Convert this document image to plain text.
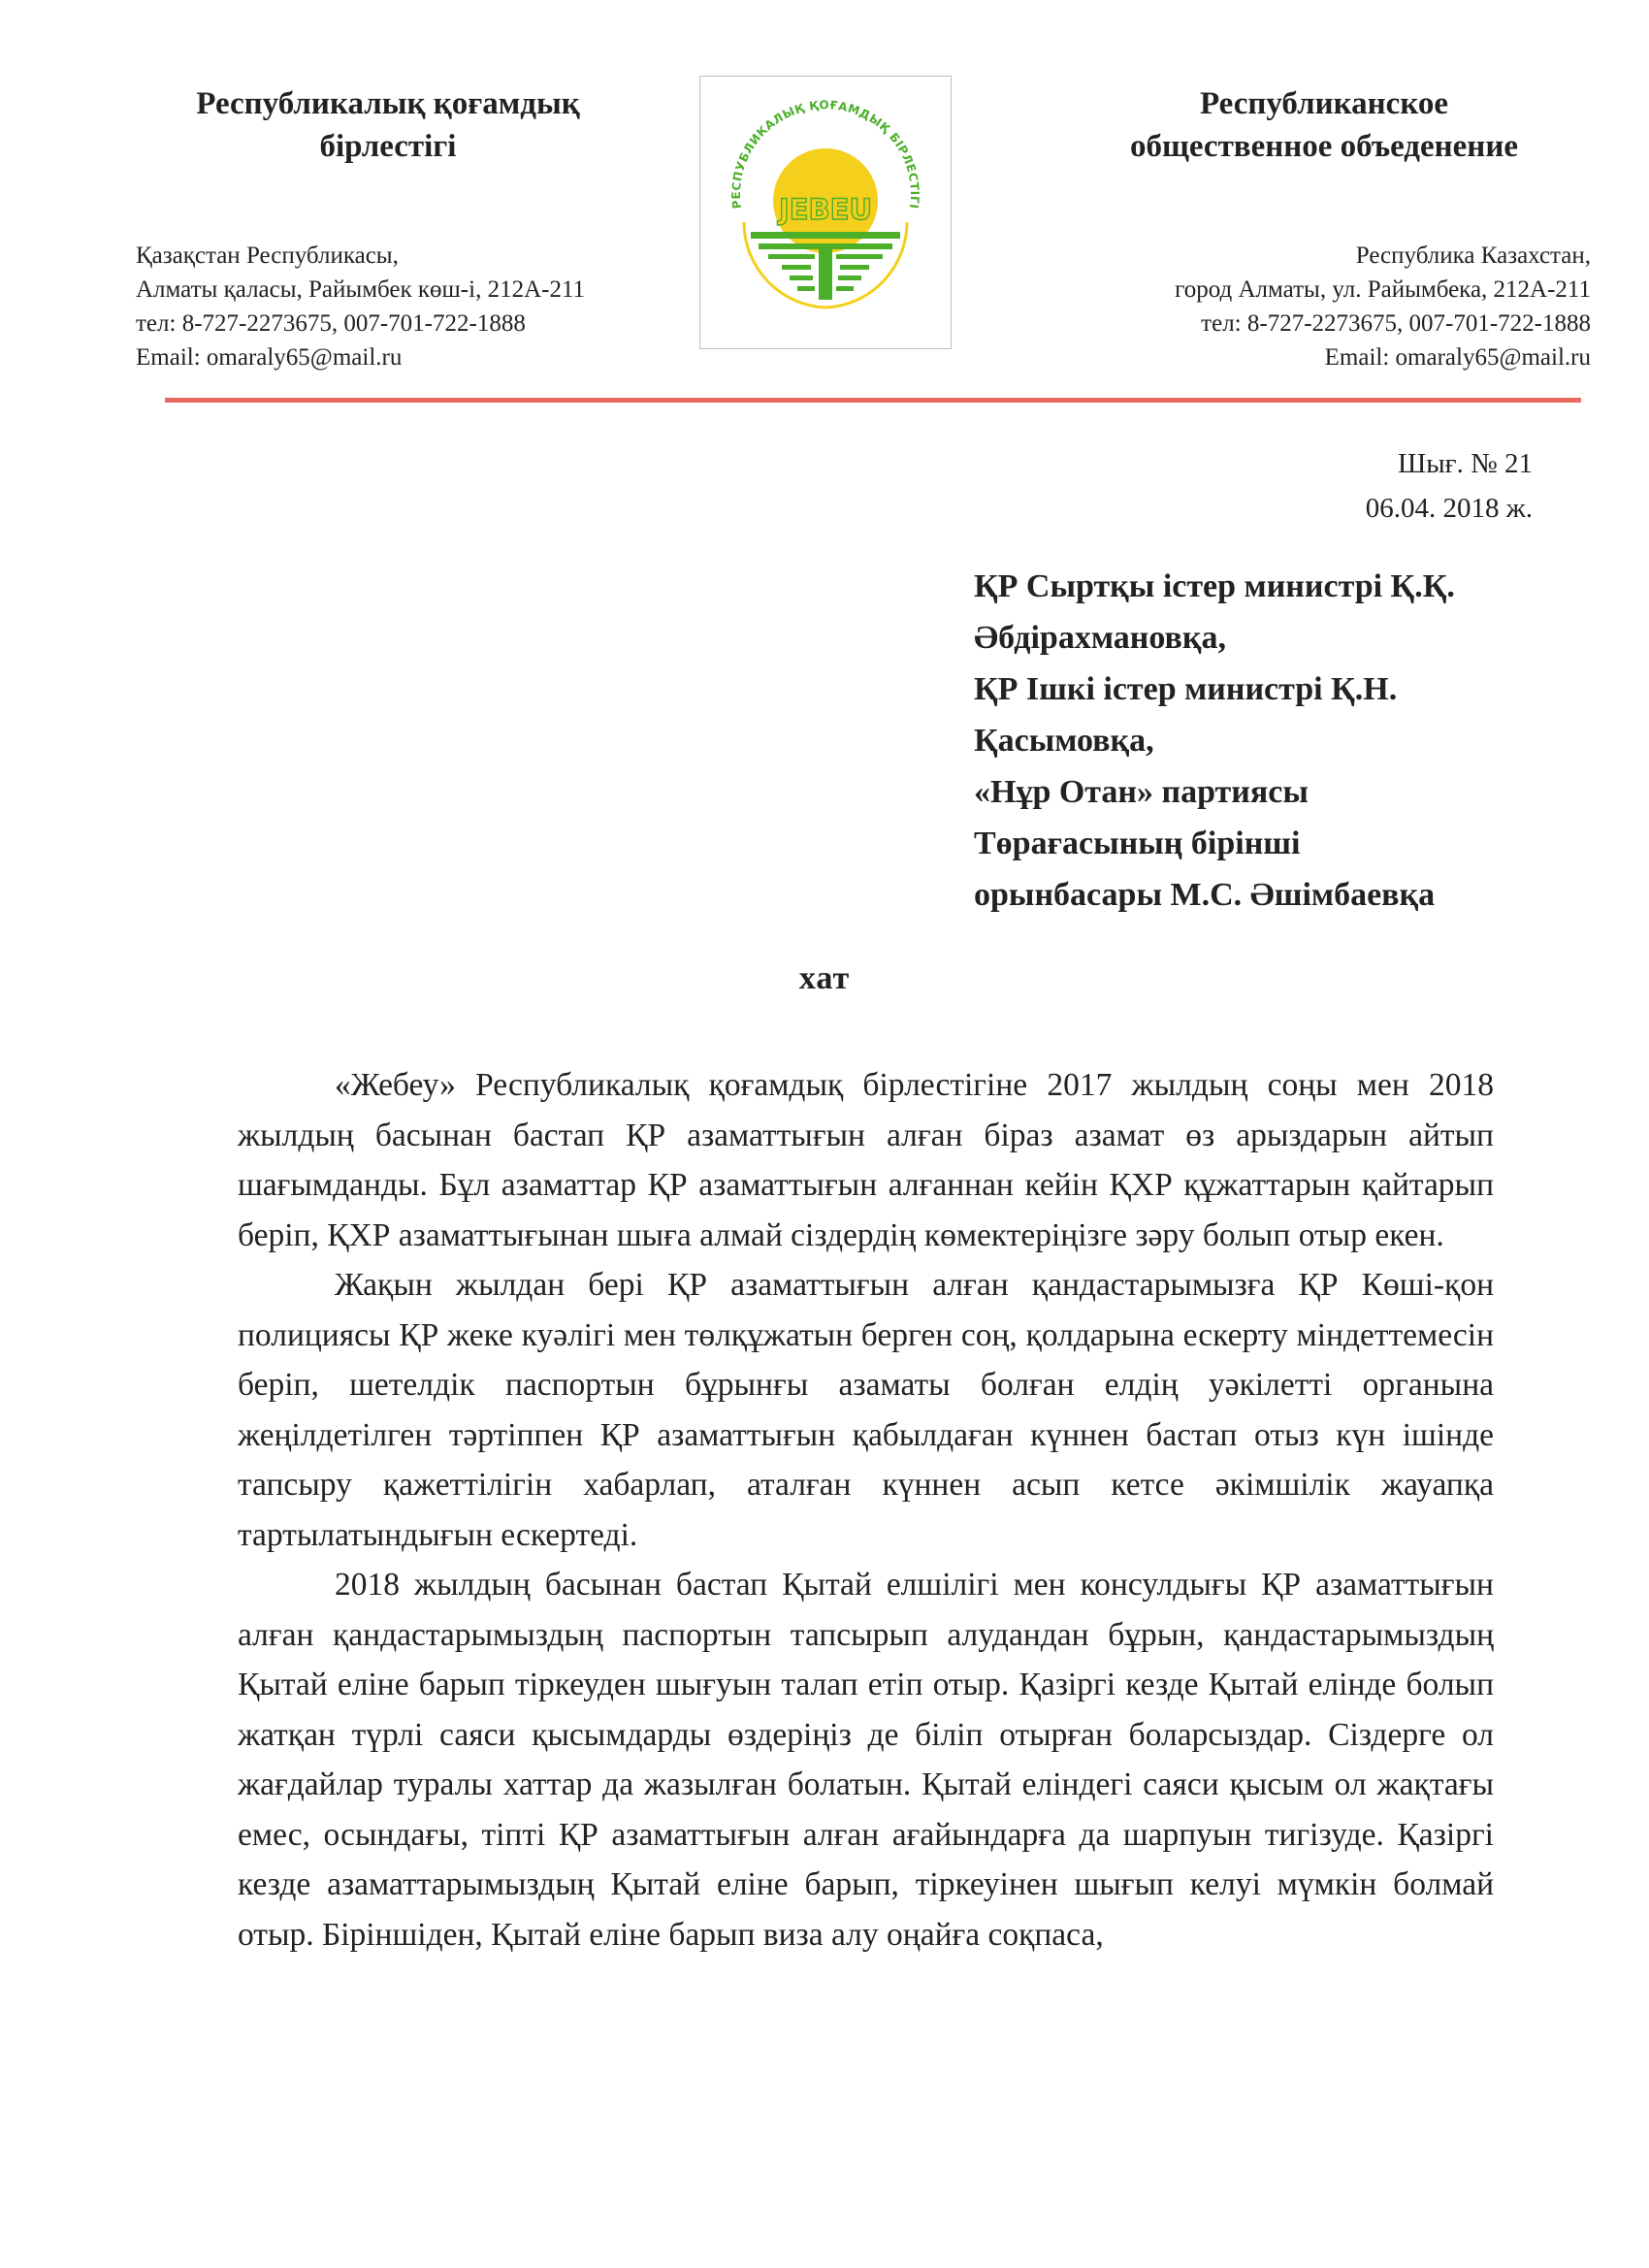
Республикалық қоғамдық
бірлестігі
Қазақстан Республикасы,
Алматы қаласы, Райымбек көш-і, 212А-211
тел: 8-727-2273675, 007-701-722-1888
Email: omaraly65@mail.ru
РЕСПУБЛИКАЛЫҚ ҚОҒАМДЫҚ БІРЛЕСТІГІ
JEBEU
Республиканское
общественное объеденение
Республика Казахстан,
город Алматы, ул. Райымбека, 212А-211
тел: 8-727-2273675, 007-701-722-1888
Email: omaraly65@mail.ru
Шығ. № 21
06.04. 2018 ж.
ҚР Сыртқы істер министрі Қ.Қ.
Әбдірахмановқа,
ҚР Ішкі істер министрі Қ.Н.
Қасымовқа,
«Нұр Отан» партиясы
Төрағасының бірінші
орынбасары М.С. Әшімбаевқа
хат

«Жебеу» Республикалық қоғамдық бірлестігіне 2017 жылдың соңы мен 2018 жылдың басынан бастап ҚР азаматтығын алған біраз азамат өз арыздарын айтып шағымданды. Бұл азаматтар ҚР азаматтығын алғаннан кейін ҚХР құжаттарын қайтарып беріп, ҚХР азаматтығынан шыға алмай сіздердің көмектеріңізге зәру болып отыр екен.

Жақын жылдан бері ҚР азаматтығын алған қандастарымызға ҚР Көші-қон полициясы ҚР жеке куәлігі мен төлқұжатын берген соң, қолдарына ескерту міндеттемесін беріп, шетелдік паспортын бұрынғы азаматы болған елдің уәкілетті органына жеңілдетілген тәртіппен ҚР азаматтығын қабылдаған күннен бастап отыз күн ішінде тапсыру қажеттілігін хабарлап, аталған күннен асып кетсе әкімшілік жауапқа тартылатындығын ескертеді.

2018 жылдың басынан бастап Қытай елшілігі мен консулдығы ҚР азаматтығын алған қандастарымыздың паспортын тапсырып алудандан бұрын, қандастарымыздың Қытай еліне барып тіркеуден шығуын талап етіп отыр. Қазіргі кезде Қытай елінде болып жатқан түрлі саяси қысымдарды өздеріңіз де біліп отырған боларсыздар. Сіздерге ол жағдайлар туралы хаттар да жазылған болатын. Қытай еліндегі саяси қысым ол жақтағы емес, осындағы, тіпті ҚР азаматтығын алған ағайындарға да шарпуын тигізуде. Қазіргі кезде азаматтарымыздың Қытай еліне барып, тіркеуінен шығып келуі мүмкін болмай отыр. Біріншіден, Қытай еліне барып виза алу оңайға соқпаса,
